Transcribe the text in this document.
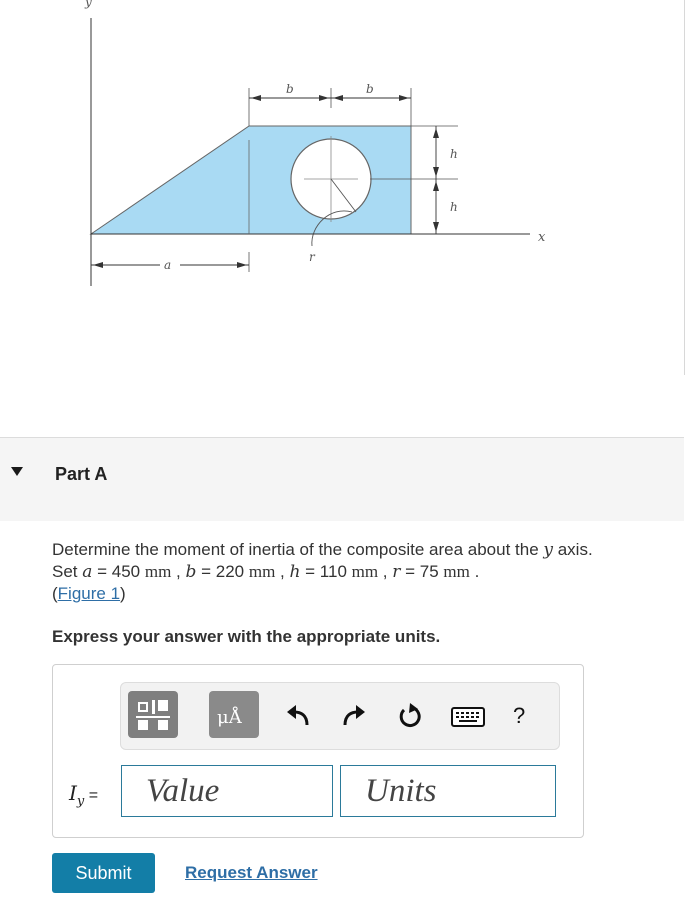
y
x
b	b
h
h
a
r
Part A
Determine the moment of inertia of the composite area about the y axis.
Set a = 450 mm , b = 220 mm , h = 110 mm , r = 75 mm .
(Figure 1)
Express your answer with the appropriate units.
μÅ	?
$I_y$ =
Value
Units
Submit	Request Answer
